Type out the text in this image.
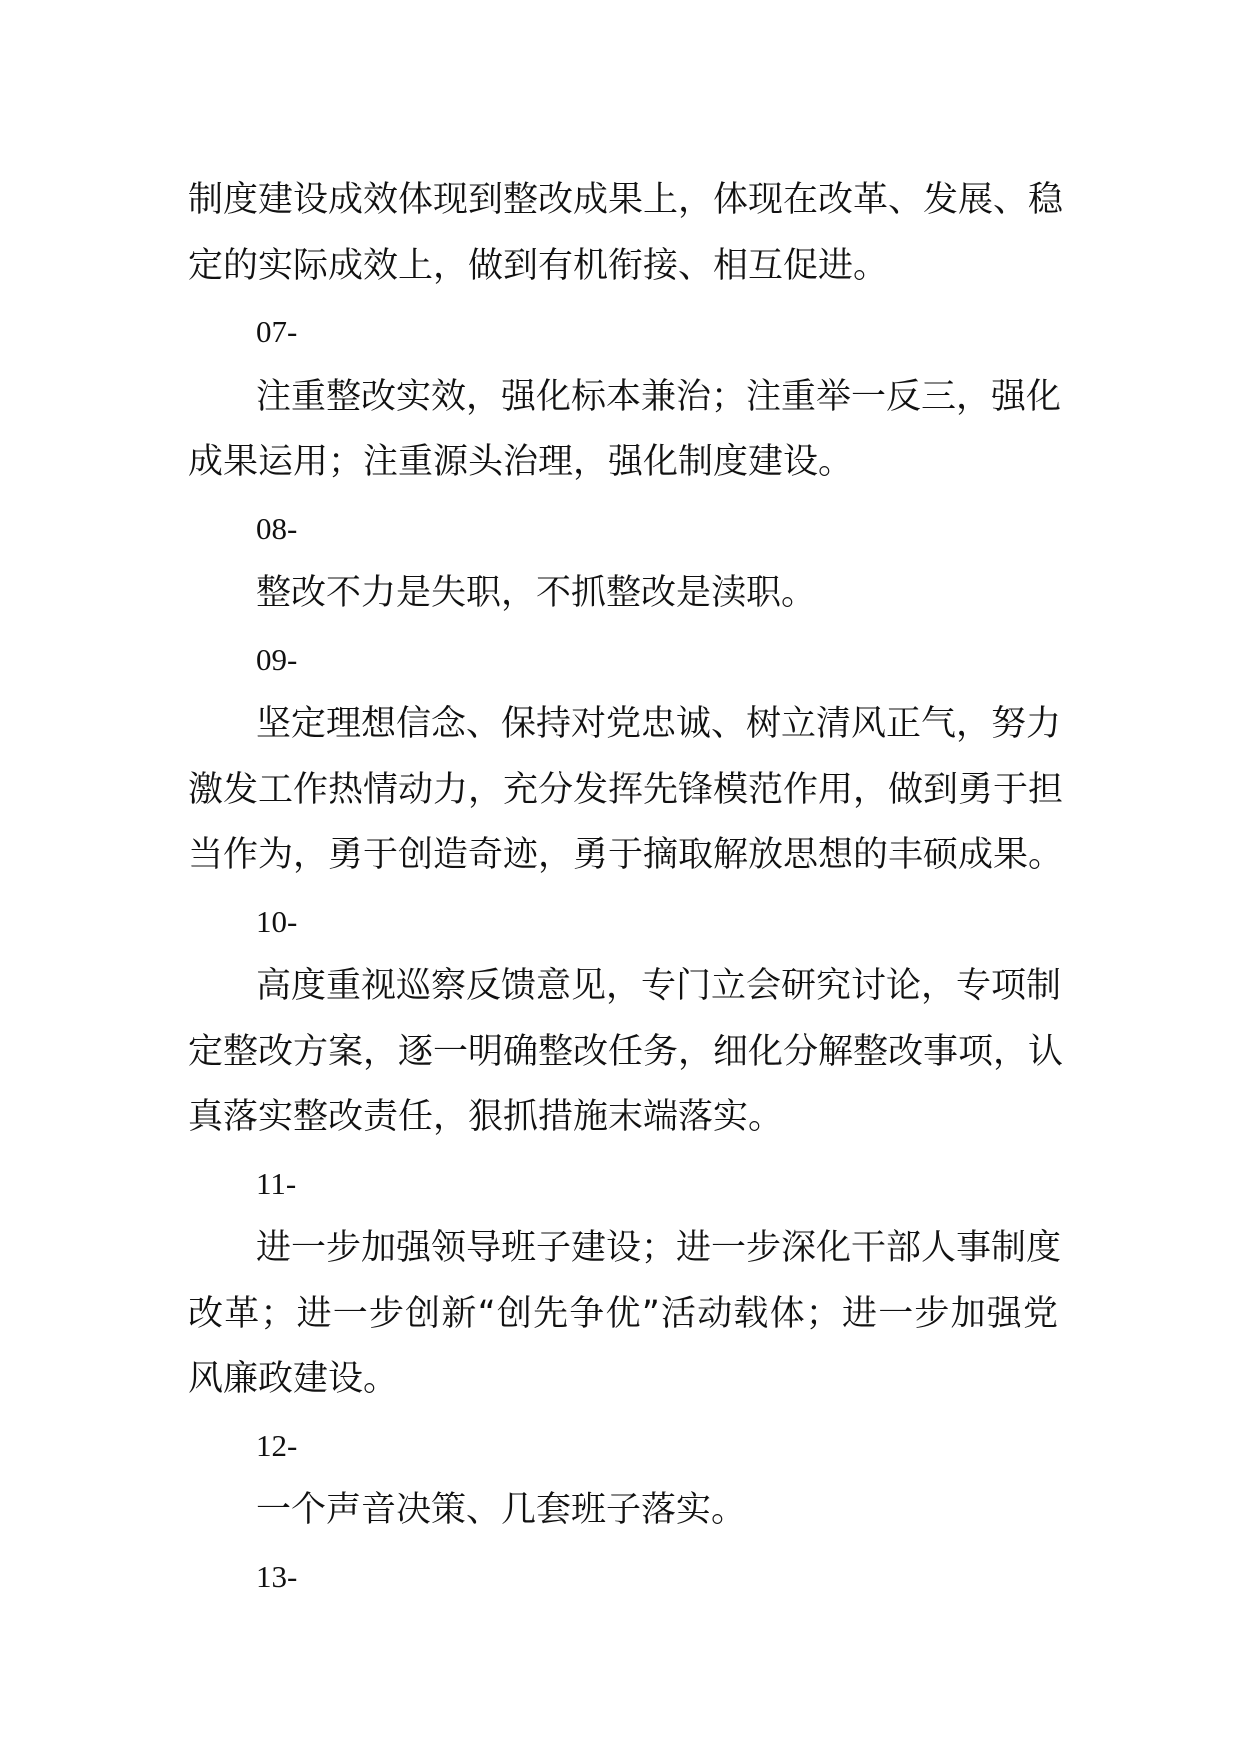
制度建设成效体现到整改成果上，体现在改革、发展、稳
定的实际成效上，做到有机衔接、相互促进。
07-
注重整改实效，强化标本兼治；注重举一反三，强化
成果运用；注重源头治理，强化制度建设。
08-
整改不力是失职，不抓整改是渎职。
09-
坚定理想信念、保持对党忠诚、树立清风正气，努力
激发工作热情动力，充分发挥先锋模范作用，做到勇于担
当作为，勇于创造奇迹，勇于摘取解放思想的丰硕成果。
10-
高度重视巡察反馈意见，专门立会研究讨论，专项制
定整改方案，逐一明确整改任务，细化分解整改事项，认
真落实整改责任，狠抓措施末端落实。
11-
进一步加强领导班子建设；进一步深化干部人事制度
改革；进一步创新“创先争优”活动载体；进一步加强党
风廉政建设。
12-
一个声音决策、几套班子落实。
13-
